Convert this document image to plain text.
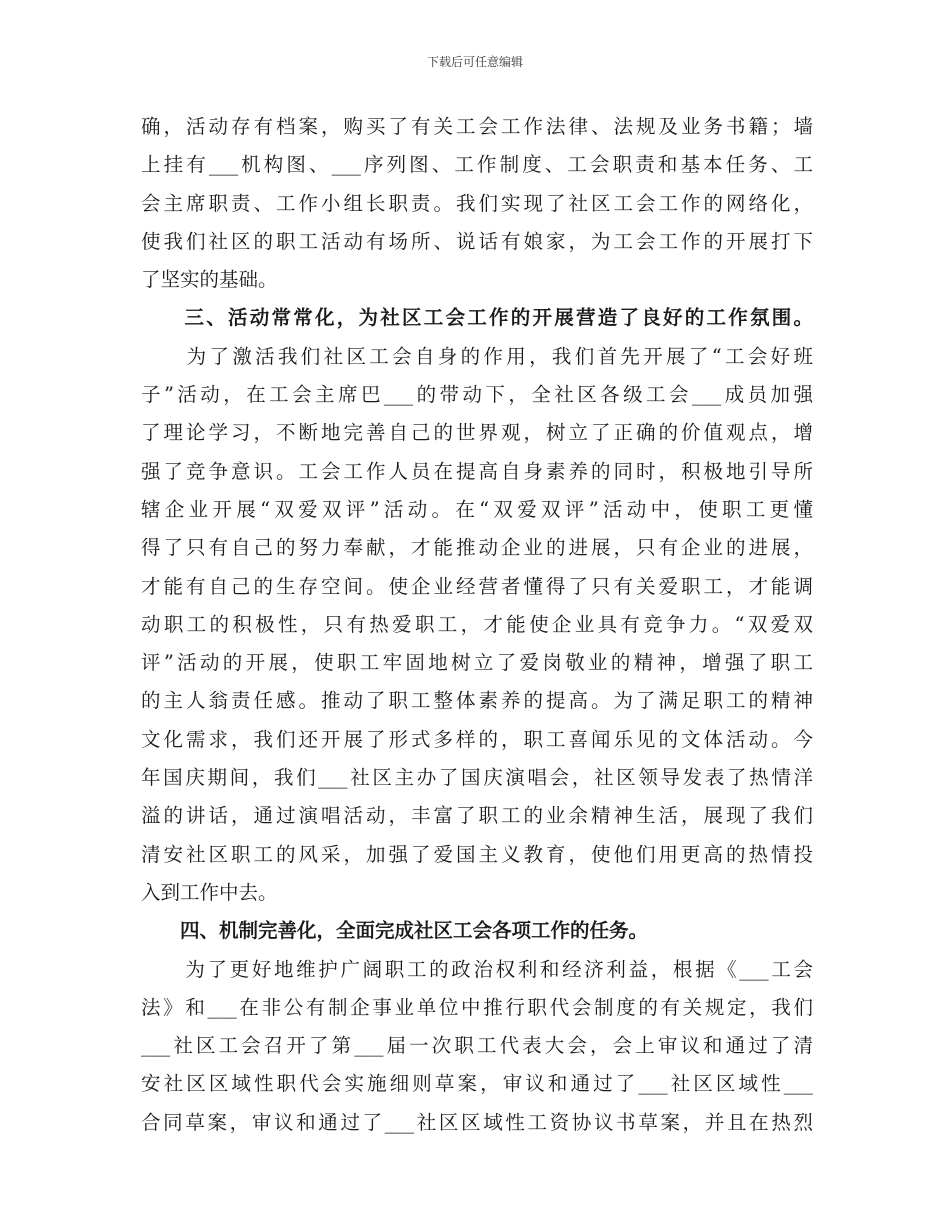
下载后可任意编辑
确，活动存有档案，购买了有关工会工作法律、法规及业务书籍；墙
上挂有___机构图、___序列图、工作制度、工会职责和基本任务、工
会主席职责、工作小组长职责。我们实现了社区工会工作的网络化，
使我们社区的职工活动有场所、说话有娘家，为工会工作的开展打下
了坚实的基础。
　　三、活动常常化，为社区工会工作的开展营造了良好的工作氛围。
　　为了激活我们社区工会自身的作用，我们首先开展了“工会好班
子”活动，在工会主席巴___的带动下，全社区各级工会___成员加强
了理论学习，不断地完善自己的世界观，树立了正确的价值观点，增
强了竞争意识。工会工作人员在提高自身素养的同时，积极地引导所
辖企业开展“双爱双评”活动。在“双爱双评”活动中，使职工更懂
得了只有自己的努力奉献，才能推动企业的进展，只有企业的进展，
才能有自己的生存空间。使企业经营者懂得了只有关爱职工，才能调
动职工的积极性，只有热爱职工，才能使企业具有竞争力。“双爱双
评”活动的开展，使职工牢固地树立了爱岗敬业的精神，增强了职工
的主人翁责任感。推动了职工整体素养的提高。为了满足职工的精神
文化需求，我们还开展了形式多样的，职工喜闻乐见的文体活动。今
年国庆期间，我们___社区主办了国庆演唱会，社区领导发表了热情洋
溢的讲话，通过演唱活动，丰富了职工的业余精神生活，展现了我们
清安社区职工的风采，加强了爱国主义教育，使他们用更高的热情投
入到工作中去。
　　四、机制完善化，全面完成社区工会各项工作的任务。
　　为了更好地维护广阔职工的政治权利和经济利益，根据《___工会
法》和___在非公有制企事业单位中推行职代会制度的有关规定，我们
___社区工会召开了第___届一次职工代表大会，会上审议和通过了清
安社区区域性职代会实施细则草案，审议和通过了___社区区域性___
合同草案，审议和通过了___社区区域性工资协议书草案，并且在热烈
